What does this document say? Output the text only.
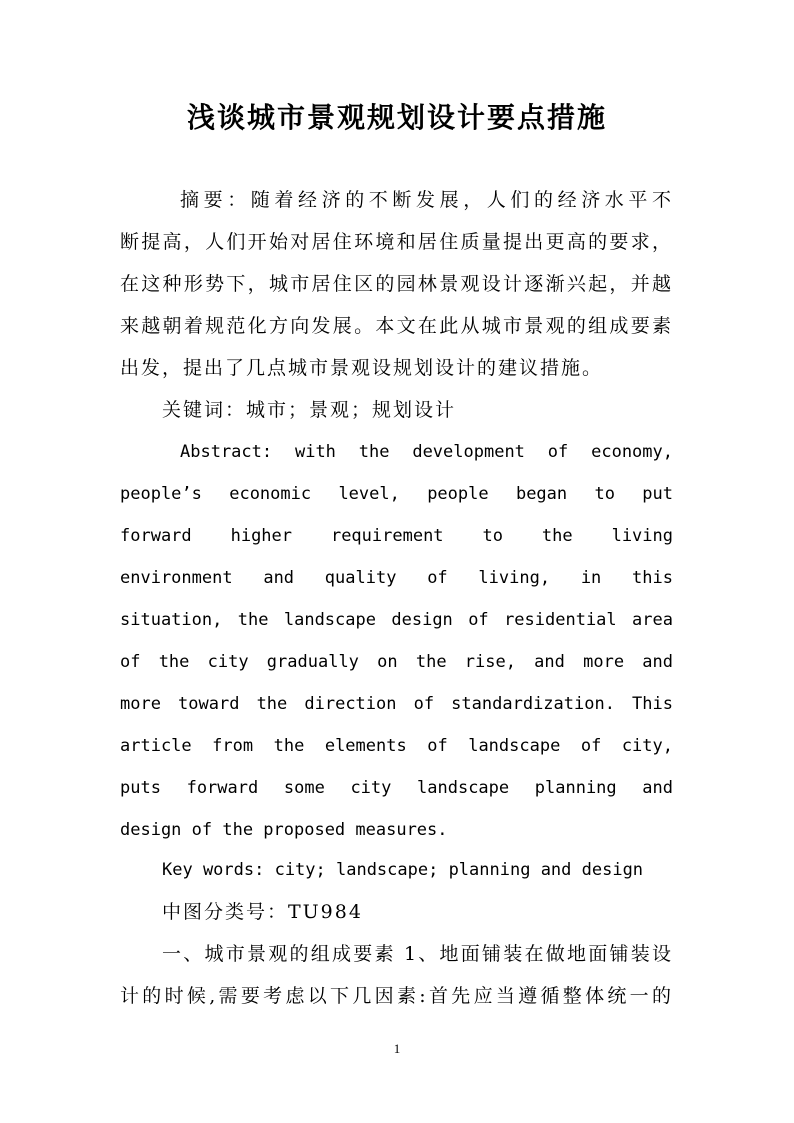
浅谈城市景观规划设计要点措施
摘要：随着经济的不断发展，人们的经济水平不
断提高，人们开始对居住环境和居住质量提出更高的要求，
在这种形势下，城市居住区的园林景观设计逐渐兴起，并越
来越朝着规范化方向发展。本文在此从城市景观的组成要素
出发，提出了几点城市景观设规划设计的建议措施。
关键词：城市；景观；规划设计
Abstract: with the development of economy,
people’s economic level, people began to put
forward higher requirement to the living
environment and quality of living, in this
situation, the landscape design of residential area
of the city gradually on the rise, and more and
more toward the direction of standardization. This
article from the elements of landscape of city,
puts forward some city landscape planning and
design of the proposed measures.
Key words: city; landscape; planning and design
中图分类号：TU984
一、城市景观的组成要素 1、地面铺装在做地面铺装设
计的时候,需要考虑以下几因素:首先应当遵循整体统一的
1
